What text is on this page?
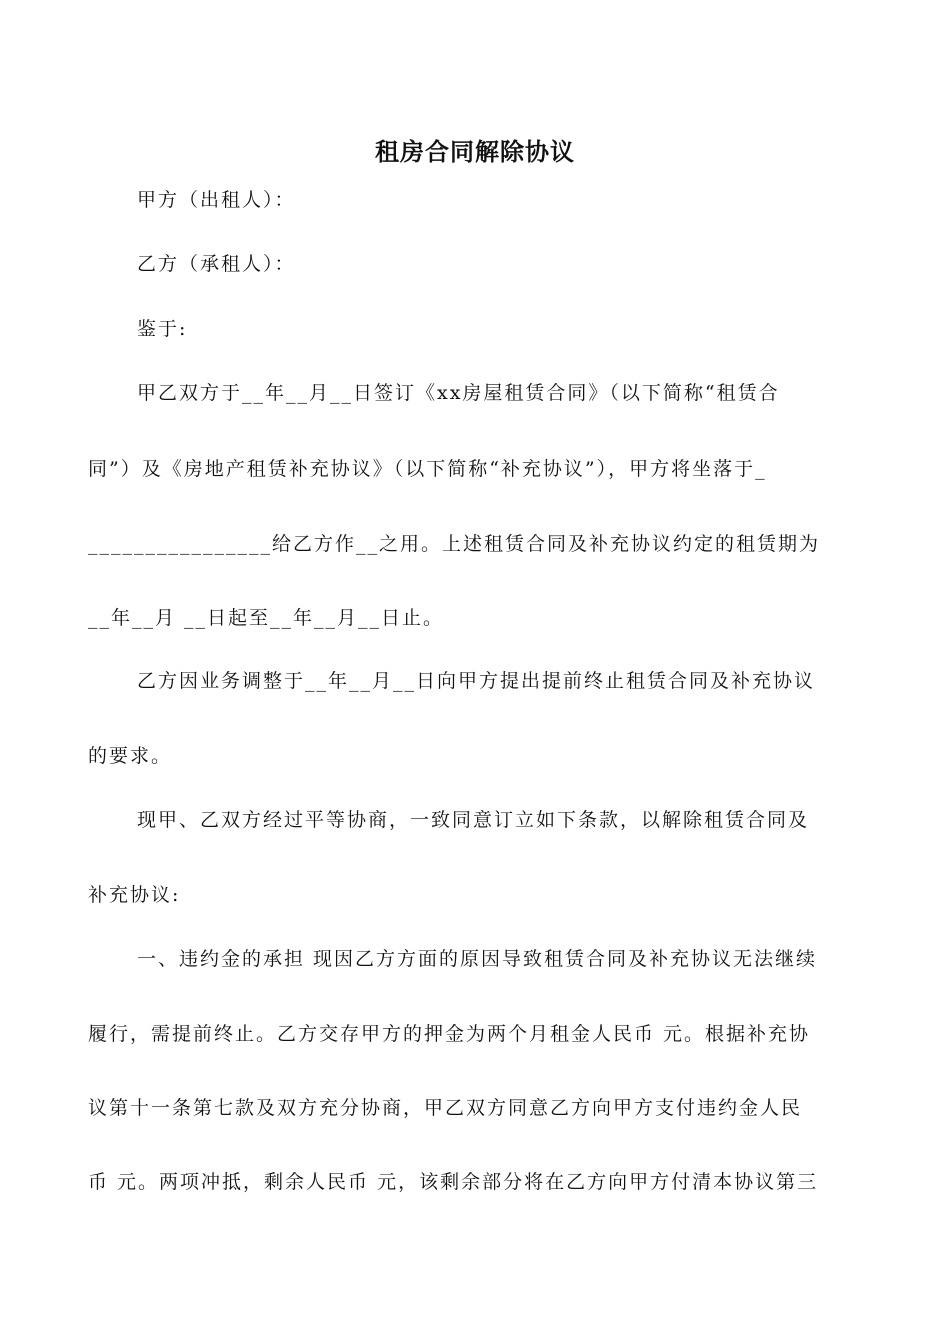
租房合同解除协议
甲方（出租人）：
乙方（承租人）：
鉴于:
甲乙双方于__年__月__日签订《xx房屋租赁合同》（以下简称“租赁合
同”）及《房地产租赁补充协议》（以下简称“补充协议”），甲方将坐落于_
________________给乙方作__之用。上述租赁合同及补充协议约定的租赁期为
__年__月 __日起至__年__月__日止。
乙方因业务调整于__年__月__日向甲方提出提前终止租赁合同及补充协议
的要求。
现甲、乙双方经过平等协商，一致同意订立如下条款，以解除租赁合同及
补充协议:
一、违约金的承担 现因乙方方面的原因导致租赁合同及补充协议无法继续
履行，需提前终止。乙方交存甲方的押金为两个月租金人民币 元。根据补充协
议第十一条第七款及双方充分协商，甲乙双方同意乙方向甲方支付违约金人民
币 元。两项冲抵，剩余人民币 元，该剩余部分将在乙方向甲方付清本协议第三
